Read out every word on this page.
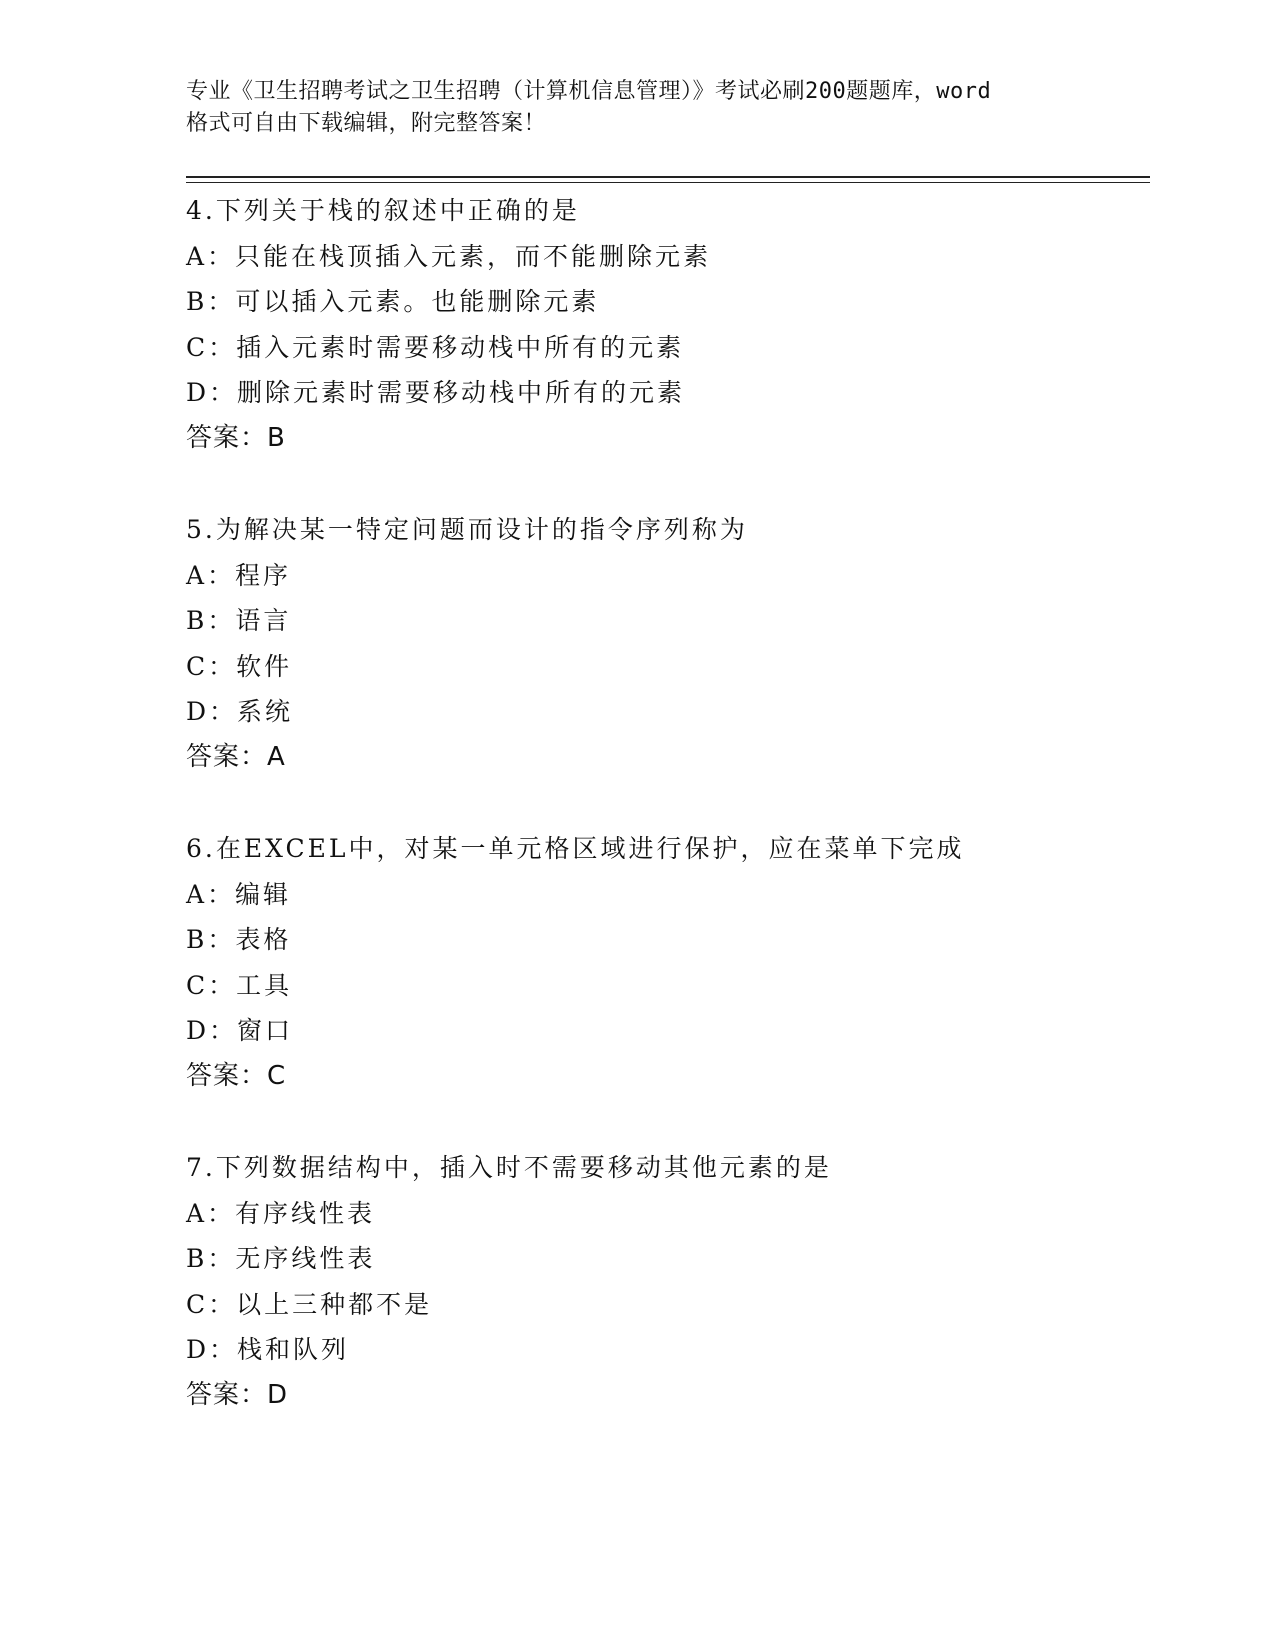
专业《卫生招聘考试之卫生招聘（计算机信息管理）》考试必刷200题题库，word
格式可自由下载编辑，附完整答案！
4.下列关于栈的叙述中正确的是
A：只能在栈顶插入元素，而不能删除元素
B：可以插入元素。也能删除元素
C：插入元素时需要移动栈中所有的元素
D：删除元素时需要移动栈中所有的元素
答案：B
5.为解决某一特定问题而设计的指令序列称为
A：程序
B：语言
C：软件
D：系统
答案：A
6.在EXCEL中，对某一单元格区域进行保护，应在菜单下完成
A：编辑
B：表格
C：工具
D：窗口
答案：C
7.下列数据结构中，插入时不需要移动其他元素的是
A：有序线性表
B：无序线性表
C：以上三种都不是
D：栈和队列
答案：D
